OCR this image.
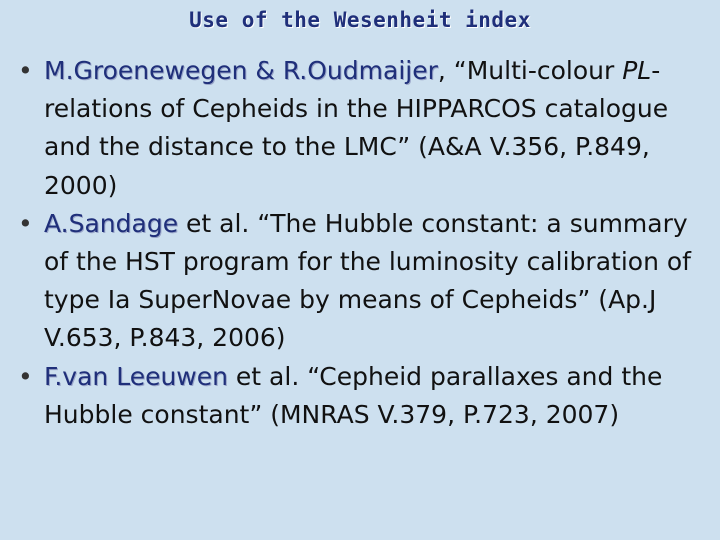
Use of the Wesenheit index
• M.Groenewegen & R.Oudmaijer, “Multi-colour PL-relations of Cepheids in the HIPPARCOS catalogue and the distance to the LMC” (A&A V.356, P.849, 2000)
• A.Sandage et al. “The Hubble constant: a summary of the HST program for the luminosity calibration of type Ia SuperNovae by means of Cepheids” (Ap.J V.653, P.843, 2006)
• F.van Leeuwen et al. “Cepheid parallaxes and the Hubble constant” (MNRAS V.379, P.723, 2007)
